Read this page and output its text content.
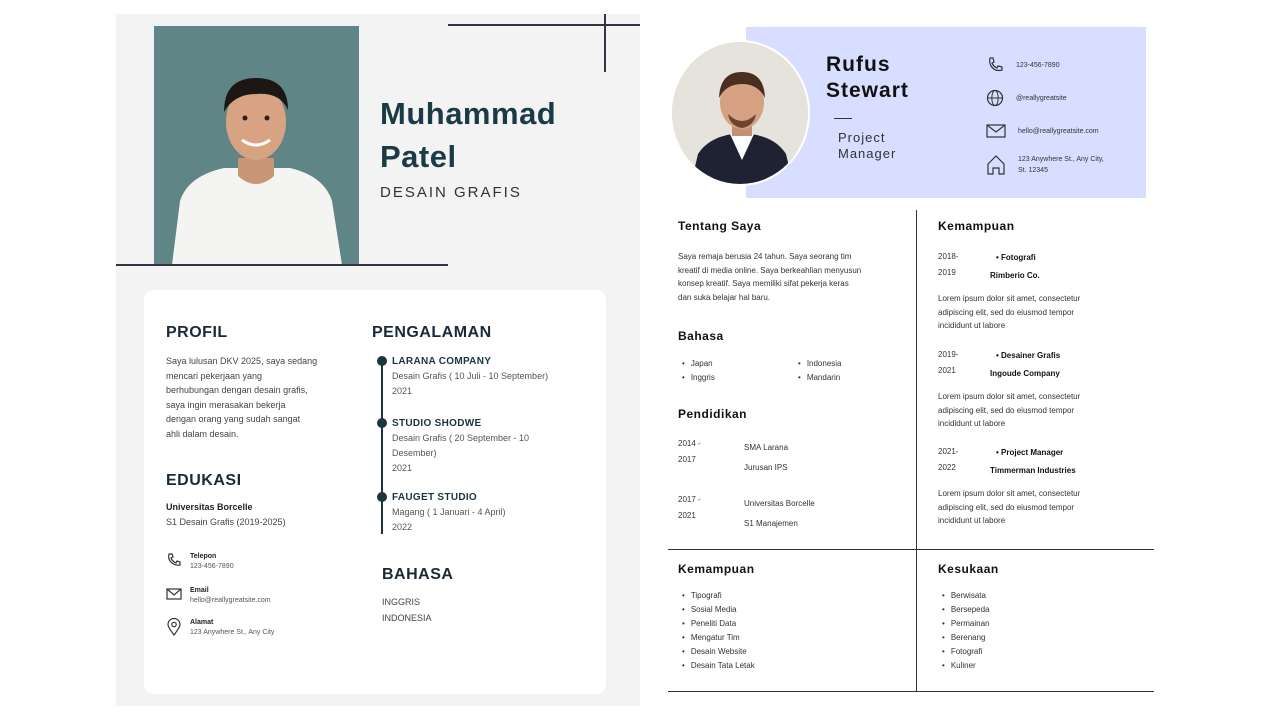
Muhammad
Patel
DESAIN GRAFIS
PROFIL
Saya lulusan DKV 2025, saya sedang
mencari pekerjaan yang
berhubungan dengan desain grafis,
saya ingin merasakan bekerja
dengan orang yang sudah sangat
ahli dalam desain.
EDUKASI
Universitas Borcelle
S1 Desain Grafis (2019-2025)
Telepon
123-456-7890
Email
hello@reallygreatsite.com
Alamat
123 Anywhere St., Any City
PENGALAMAN
LARANA COMPANY
Desain Grafis ( 10 Juli - 10 September)
2021
STUDIO SHODWE
Desain Grafis ( 20 September - 10
Desember)
2021
FAUGET STUDIO
Magang ( 1 Januari - 4 April)
2022
BAHASA
INGGRIS
INDONESIA
Rufus
Stewart
Project
Manager
123-456-7890
@reallygreatsite
hello@reallygreatsite.com
123 Anywhere St., Any City,
St. 12345
Tentang Saya
Saya remaja berusia 24 tahun. Saya seorang tim
kreatif di media online. Saya berkeahlian menyusun
konsep kreatif. Saya memiliki sifat pekerja keras
dan suka belajar hal baru.
Bahasa
• Japan
• Inggris
• Indonesia
• Mandarin
Pendidikan
2014 -
2017
SMA Larana
Jurusan IPS
2017 -
2021
Universitas Borcelle
S1 Manajemen
Kemampuan
2018-
2019
• Fotografi
Rimberio Co.
Lorem ipsum dolor sit amet, consectetur
adipiscing elit, sed do eiusmod tempor
incididunt ut labore
2019-
2021
• Desainer Grafis
Ingoude Company
Lorem ipsum dolor sit amet, consectetur
adipiscing elit, sed do eiusmod tempor
incididunt ut labore
2021-
2022
• Project Manager
Timmerman Industries
Lorem ipsum dolor sit amet, consectetur
adipiscing elit, sed do eiusmod tempor
incididunt ut labore
Kemampuan
• Tipografi
• Sosial Media
• Peneliti Data
• Mengatur Tim
• Desain Website
• Desain Tata Letak
Kesukaan
• Berwisata
• Bersepeda
• Permainan
• Berenang
• Fotografi
• Kuliner
